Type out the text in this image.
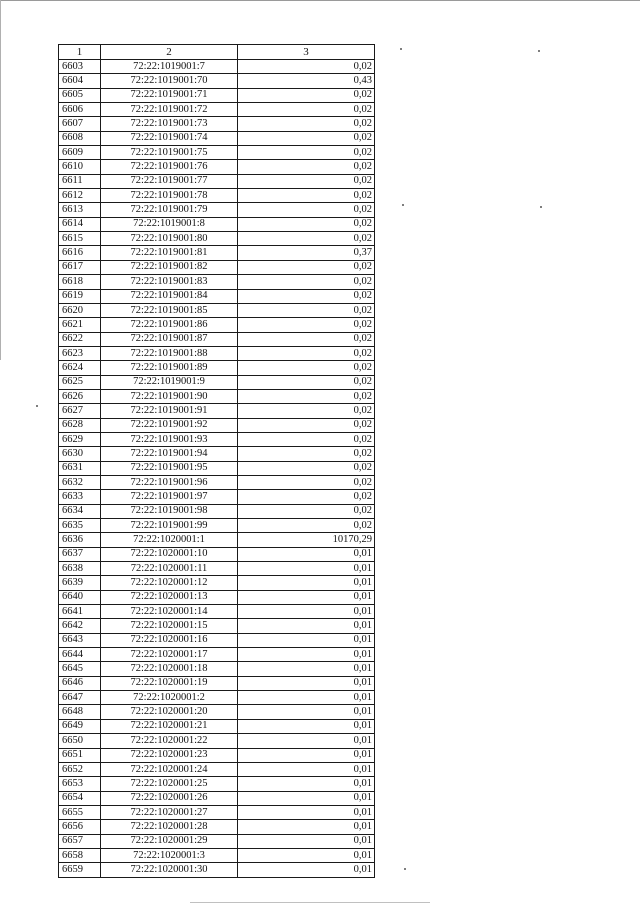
1	2	3
6603	72:22:1019001:7	0,02
6604	72:22:1019001:70	0,43
6605	72:22:1019001:71	0,02
6606	72:22:1019001:72	0,02
6607	72:22:1019001:73	0,02
6608	72:22:1019001:74	0,02
6609	72:22:1019001:75	0,02
6610	72:22:1019001:76	0,02
6611	72:22:1019001:77	0,02
6612	72:22:1019001:78	0,02
6613	72:22:1019001:79	0,02
6614	72:22:1019001:8	0,02
6615	72:22:1019001:80	0,02
6616	72:22:1019001:81	0,37
6617	72:22:1019001:82	0,02
6618	72:22:1019001:83	0,02
6619	72:22:1019001:84	0,02
6620	72:22:1019001:85	0,02
6621	72:22:1019001:86	0,02
6622	72:22:1019001:87	0,02
6623	72:22:1019001:88	0,02
6624	72:22:1019001:89	0,02
6625	72:22:1019001:9	0,02
6626	72:22:1019001:90	0,02
6627	72:22:1019001:91	0,02
6628	72:22:1019001:92	0,02
6629	72:22:1019001:93	0,02
6630	72:22:1019001:94	0,02
6631	72:22:1019001:95	0,02
6632	72:22:1019001:96	0,02
6633	72:22:1019001:97	0,02
6634	72:22:1019001:98	0,02
6635	72:22:1019001:99	0,02
6636	72:22:1020001:1	10170,29
6637	72:22:1020001:10	0,01
6638	72:22:1020001:11	0,01
6639	72:22:1020001:12	0,01
6640	72:22:1020001:13	0,01
6641	72:22:1020001:14	0,01
6642	72:22:1020001:15	0,01
6643	72:22:1020001:16	0,01
6644	72:22:1020001:17	0,01
6645	72:22:1020001:18	0,01
6646	72:22:1020001:19	0,01
6647	72:22:1020001:2	0,01
6648	72:22:1020001:20	0,01
6649	72:22:1020001:21	0,01
6650	72:22:1020001:22	0,01
6651	72:22:1020001:23	0,01
6652	72:22:1020001:24	0,01
6653	72:22:1020001:25	0,01
6654	72:22:1020001:26	0,01
6655	72:22:1020001:27	0,01
6656	72:22:1020001:28	0,01
6657	72:22:1020001:29	0,01
6658	72:22:1020001:3	0,01
6659	72:22:1020001:30	0,01
